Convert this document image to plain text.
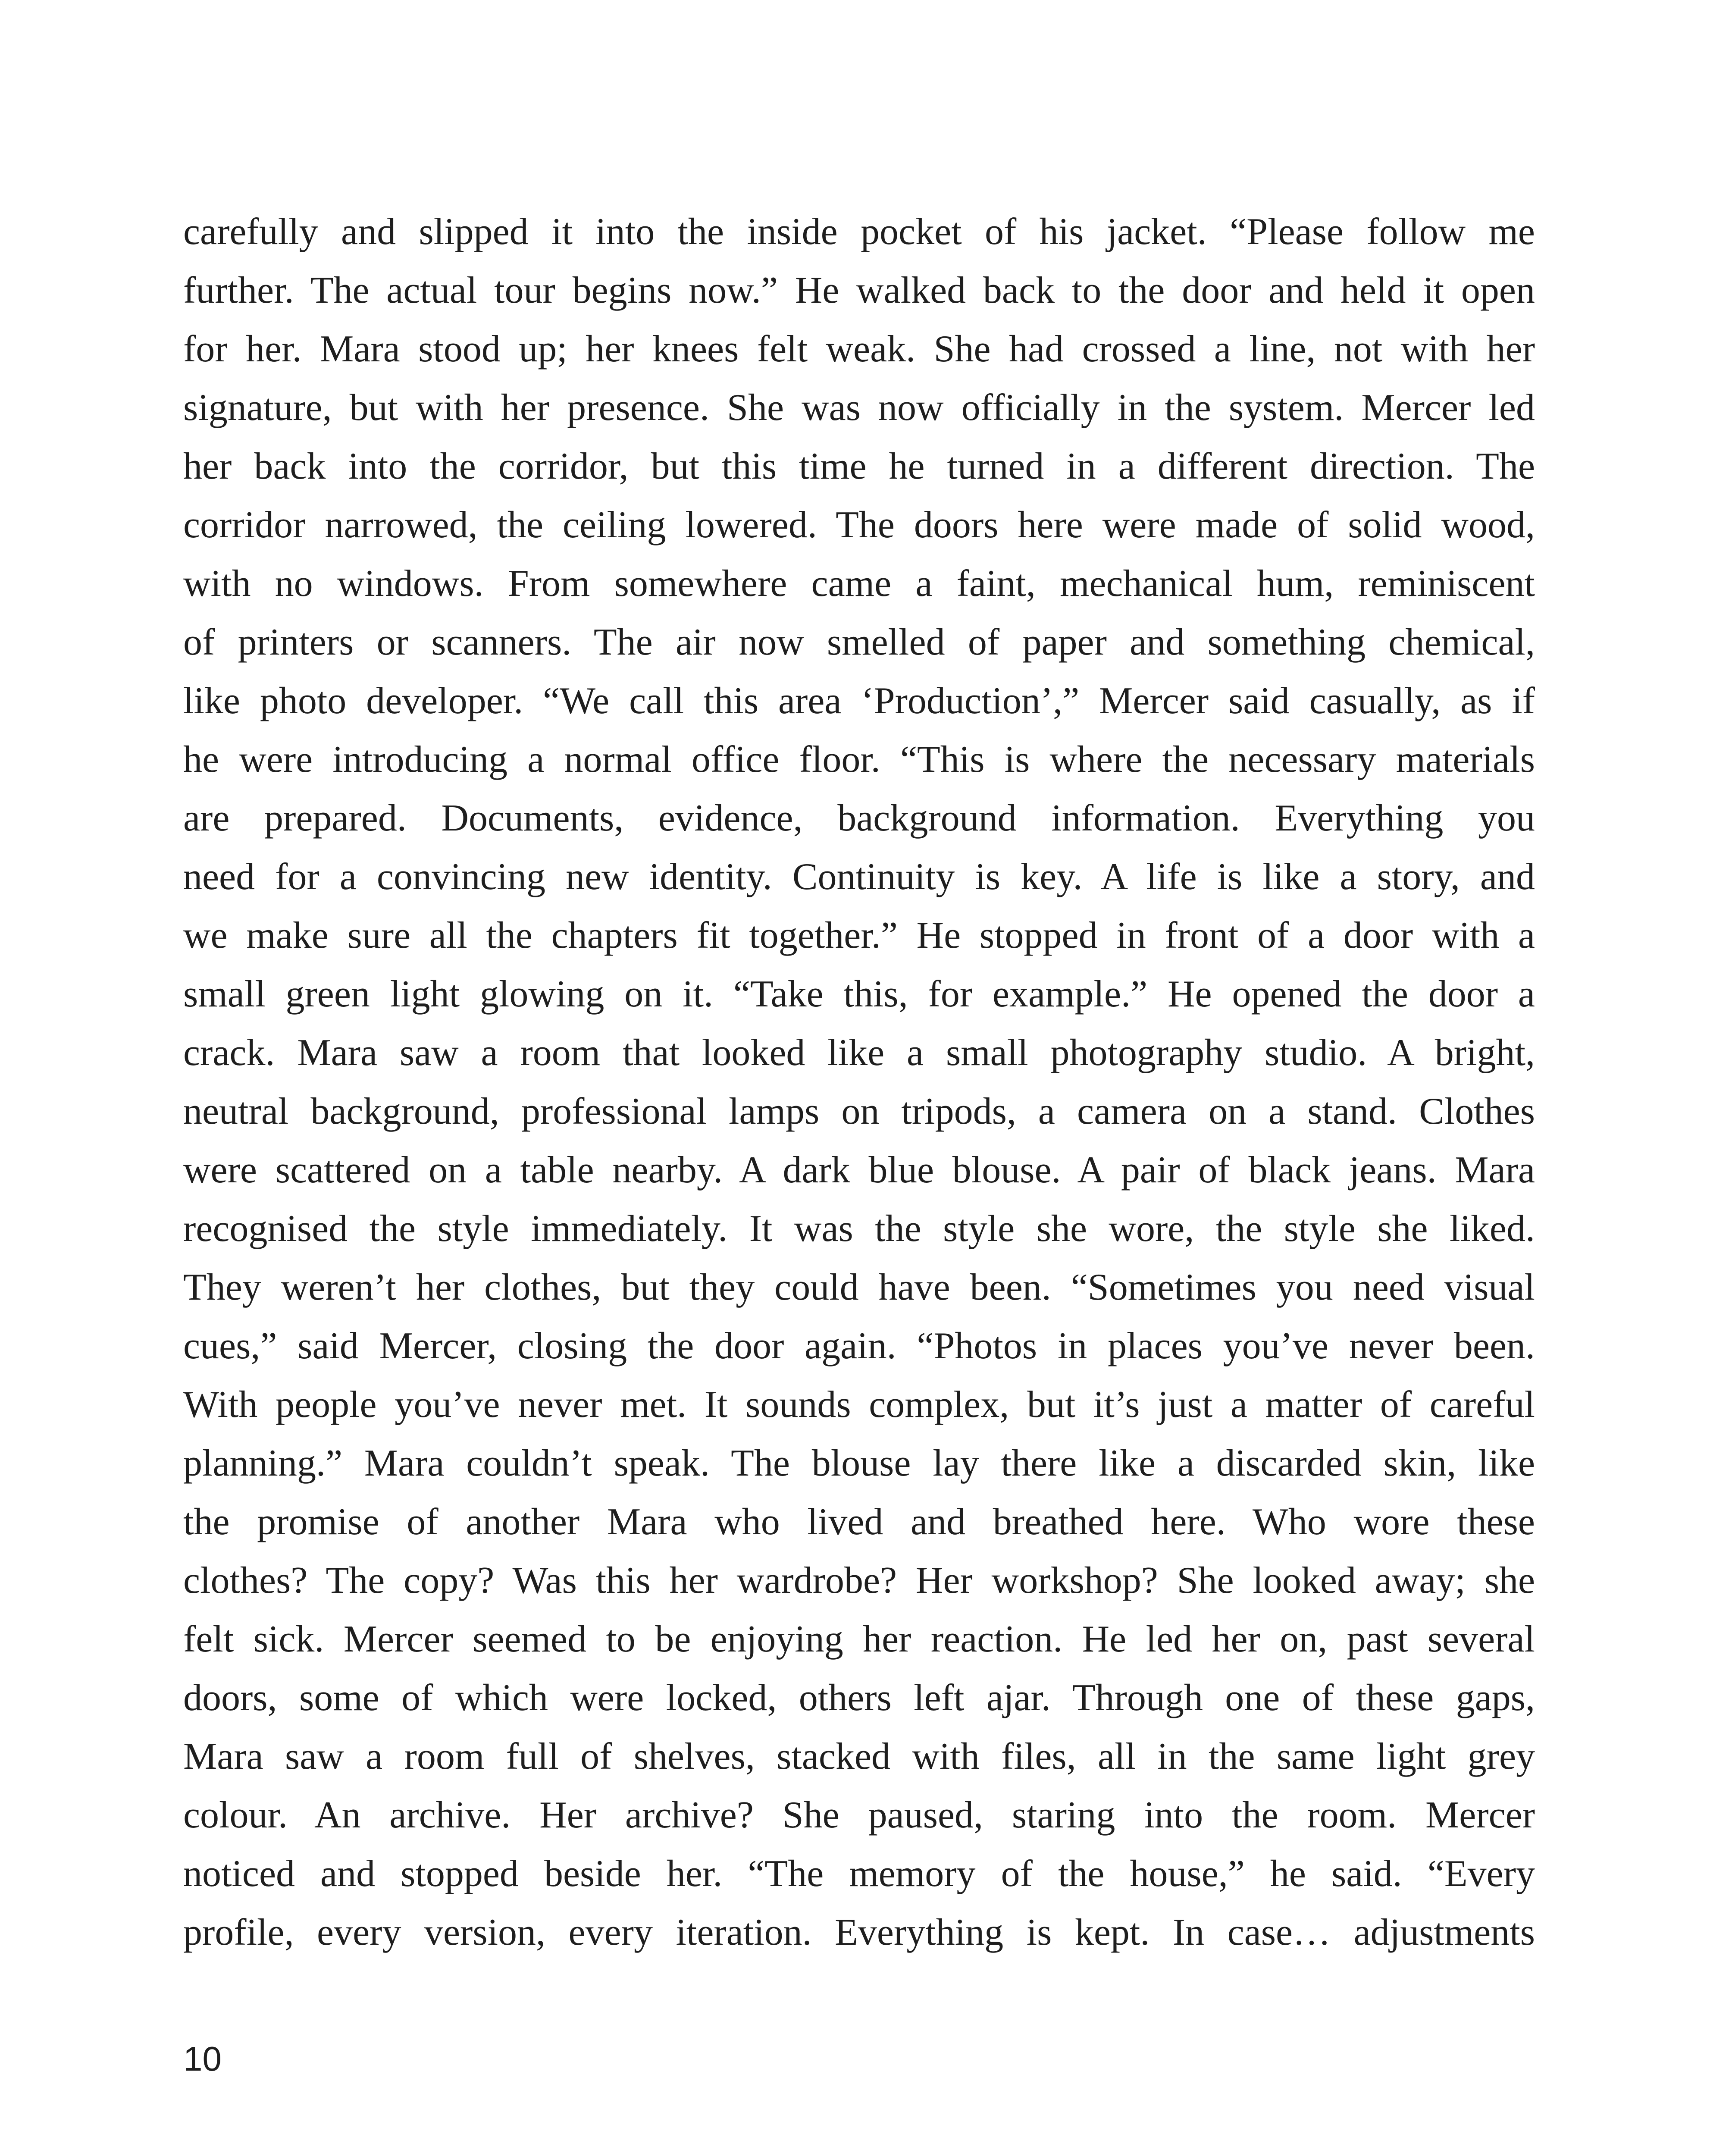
carefully and slipped it into the inside pocket of his jacket. “Please follow me
further. The actual tour begins now.” He walked back to the door and held it open
for her. Mara stood up; her knees felt weak. She had crossed a line, not with her
signature, but with her presence. She was now officially in the system. Mercer led
her back into the corridor, but this time he turned in a different direction. The
corridor narrowed, the ceiling lowered. The doors here were made of solid wood,
with no windows. From somewhere came a faint, mechanical hum, reminiscent
of printers or scanners. The air now smelled of paper and something chemical,
like photo developer. “We call this area ‘Production’,” Mercer said casually, as if
he were introducing a normal office floor. “This is where the necessary materials
are prepared. Documents, evidence, background information. Everything you
need for a convincing new identity. Continuity is key. A life is like a story, and
we make sure all the chapters fit together.” He stopped in front of a door with a
small green light glowing on it. “Take this, for example.” He opened the door a
crack. Mara saw a room that looked like a small photography studio. A bright,
neutral background, professional lamps on tripods, a camera on a stand. Clothes
were scattered on a table nearby. A dark blue blouse. A pair of black jeans. Mara
recognised the style immediately. It was the style she wore, the style she liked.
They weren’t her clothes, but they could have been. “Sometimes you need visual
cues,” said Mercer, closing the door again. “Photos in places you’ve never been.
With people you’ve never met. It sounds complex, but it’s just a matter of careful
planning.” Mara couldn’t speak. The blouse lay there like a discarded skin, like
the promise of another Mara who lived and breathed here. Who wore these
clothes? The copy? Was this her wardrobe? Her workshop? She looked away; she
felt sick. Mercer seemed to be enjoying her reaction. He led her on, past several
doors, some of which were locked, others left ajar. Through one of these gaps,
Mara saw a room full of shelves, stacked with files, all in the same light grey
colour. An archive. Her archive? She paused, staring into the room. Mercer
noticed and stopped beside her. “The memory of the house,” he said. “Every
profile, every version, every iteration. Everything is kept. In case… adjustments
10
